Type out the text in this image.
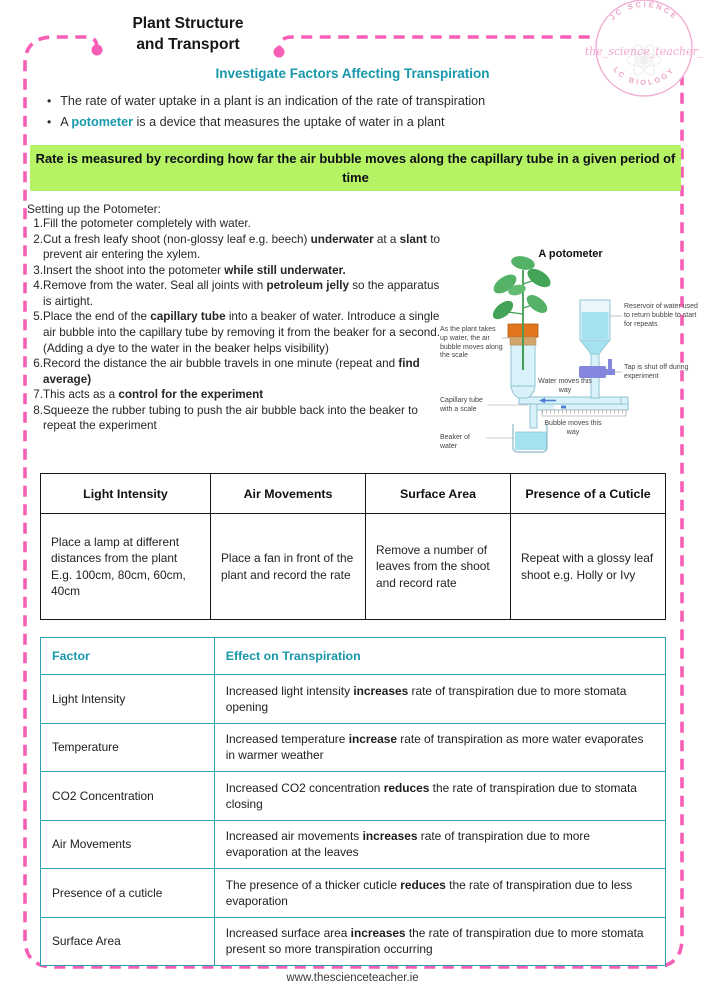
JC SCIENCE
the_science_teacher_
LC BIOLOGY
Plant Structure
and Transport
Investigate Factors Affecting Transpiration
• The rate of water uptake in a plant is an indication of the rate of transpiration
• A potometer is a device that measures the uptake of water in a plant
Rate is measured by recording how far the air bubble moves along the capillary tube in a given period of time
Setting up the Potometer:
1. Fill the potometer completely with water.
2. Cut a fresh leafy shoot (non-glossy leaf e.g. beech) underwater at a slant to prevent air entering the xylem.
3. Insert the shoot into the potometer while still underwater.
4. Remove from the water. Seal all joints with petroleum jelly so the apparatus is airtight.
5. Place the end of the capillary tube into a beaker of water. Introduce a single air bubble into the capillary tube by removing it from the beaker for a second. (Adding a dye to the water in the beaker helps visibility)
6. Record the distance the air bubble travels in one minute (repeat and find average)
7. This acts as a control for the experiment
8. Squeeze the rubber tubing to push the air bubble back into the beaker to repeat the experiment
A potometer
As the plant takes up water, the air bubble moves along the scale
Reservoir of water used to return bubble to start for repeats
Tap is shut off during experiment
Water moves this way
Capillary tube with a scale
Bubble moves this way
Beaker of water
Light Intensity	Air Movements	Surface Area	Presence of a Cuticle
Place a lamp at different distances from the plant
E.g. 100cm, 80cm, 60cm, 40cm	Place a fan in front of the plant and record the rate	Remove a number of leaves from the shoot and record rate	Repeat with a glossy leaf shoot e.g. Holly or Ivy
Factor	Effect on Transpiration
Light Intensity	Increased light intensity increases rate of transpiration due to more stomata opening
Temperature	Increased temperature increase rate of transpiration as more water evaporates in warmer weather
CO2 Concentration	Increased CO2 concentration reduces the rate of transpiration due to stomata closing
Air Movements	Increased air movements increases rate of transpiration due to more evaporation at the leaves
Presence of a cuticle	The presence of a thicker cuticle reduces the rate of transpiration due to less evaporation
Surface Area	Increased surface area increases the rate of transpiration due to more stomata present so more transpiration occurring
www.thescienceteacher.ie
